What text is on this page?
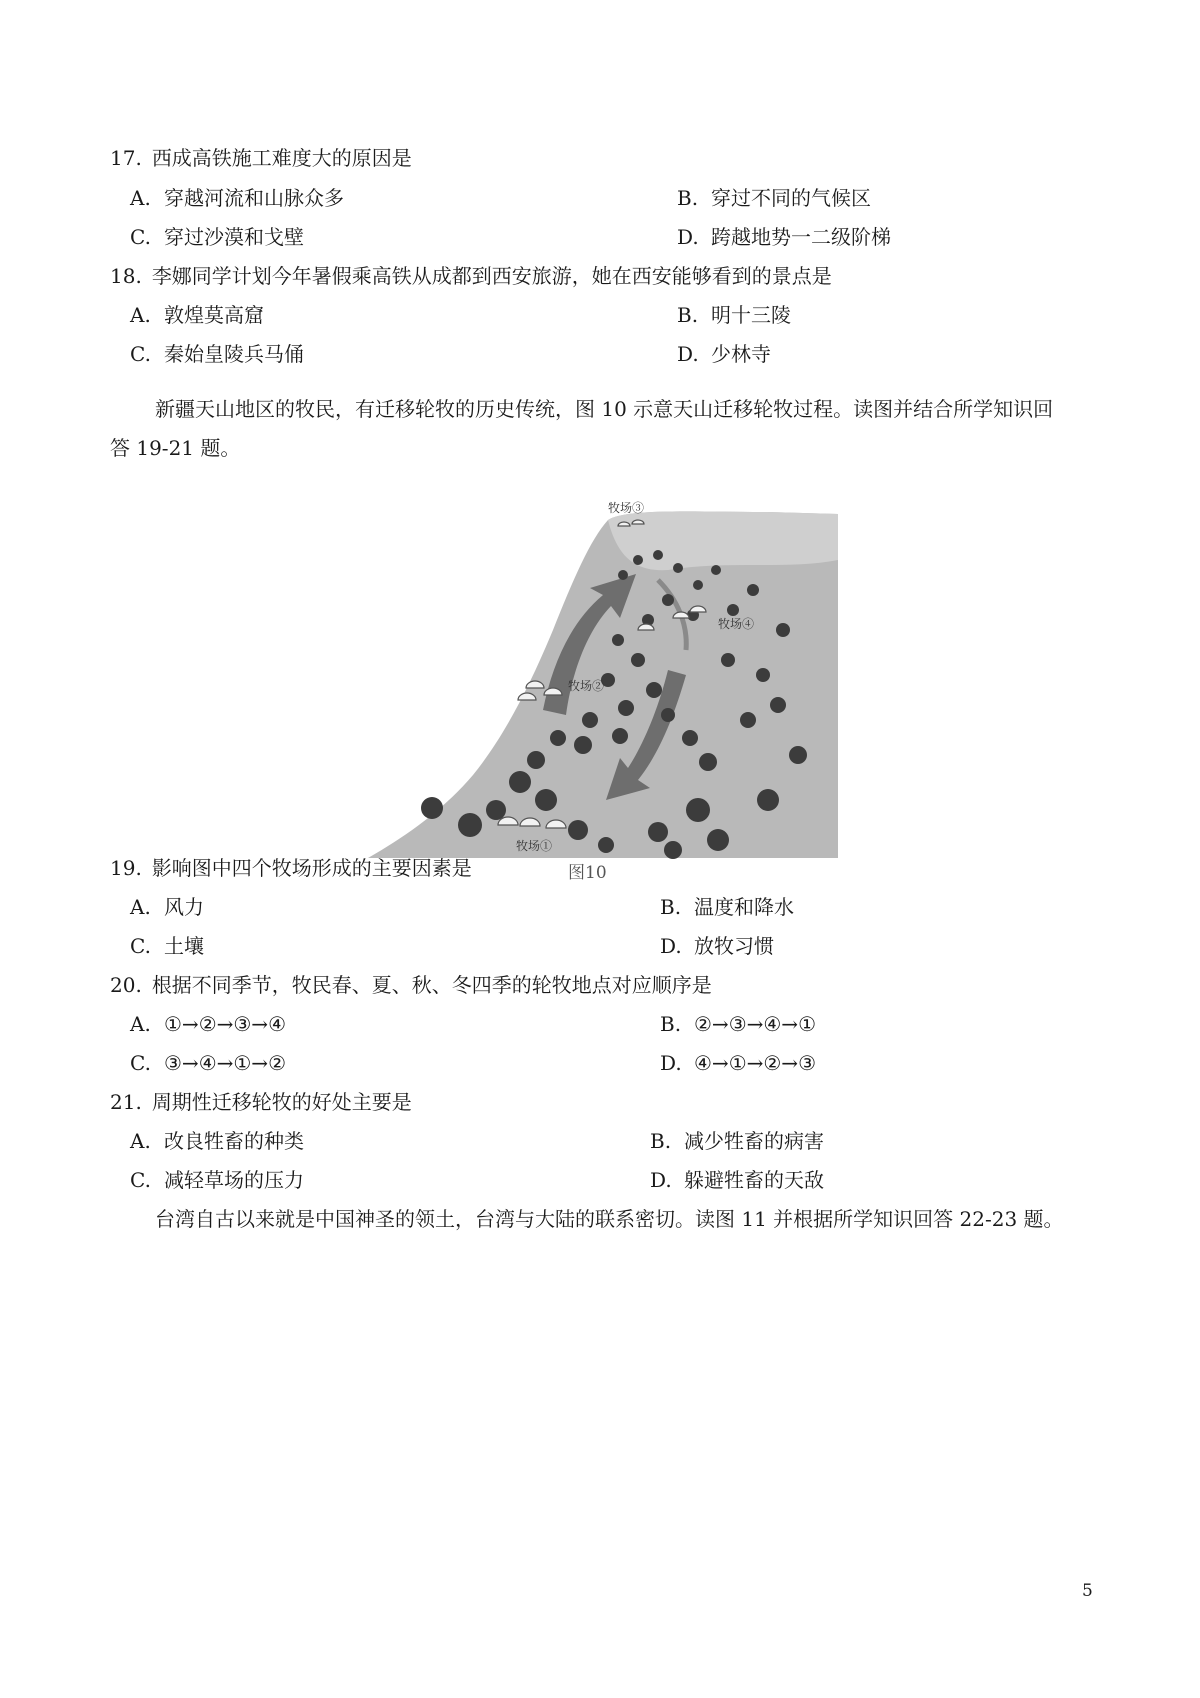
17. 西成高铁施工难度大的原因是
A. 穿越河流和山脉众多	B. 穿过不同的气候区
C. 穿过沙漠和戈壁	D. 跨越地势一二级阶梯
18. 李娜同学计划今年暑假乘高铁从成都到西安旅游，她在西安能够看到的景点是
A. 敦煌莫高窟	B. 明十三陵
C. 秦始皇陵兵马俑	D. 少林寺
新疆天山地区的牧民，有迁移轮牧的历史传统，图 10 示意天山迁移轮牧过程。读图并结合所学知识回
答 19-21 题。
牧场③
牧场④
牧场②
牧场①
图10
19. 影响图中四个牧场形成的主要因素是
A. 风力	B. 温度和降水
C. 土壤	D. 放牧习惯
20. 根据不同季节，牧民春、夏、秋、冬四季的轮牧地点对应顺序是
A. ①→②→③→④	B. ②→③→④→①
C. ③→④→①→②	D. ④→①→②→③
21. 周期性迁移轮牧的好处主要是
A. 改良牲畜的种类	B. 减少牲畜的病害
C. 减轻草场的压力	D. 躲避牲畜的天敌
台湾自古以来就是中国神圣的领土，台湾与大陆的联系密切。读图 11 并根据所学知识回答 22-23 题。
5
